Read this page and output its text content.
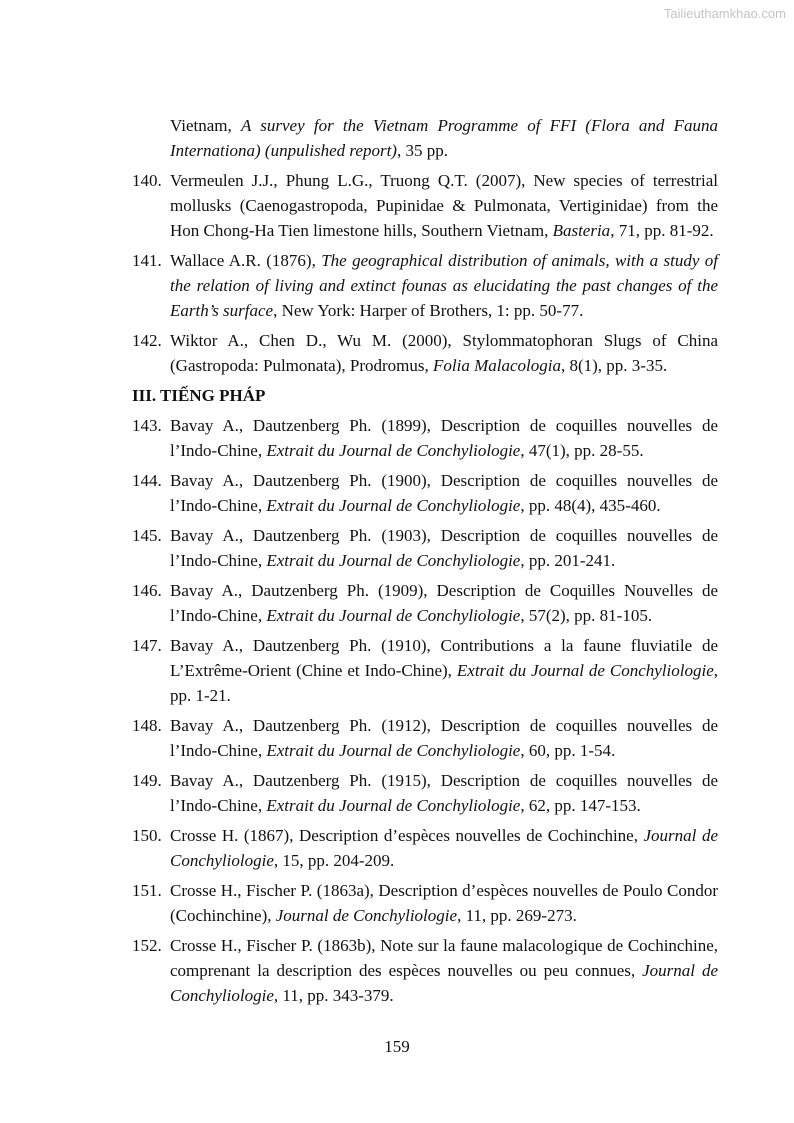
Tailieuthamkhao.com
Vietnam, A survey for the Vietnam Programme of FFI (Flora and Fauna Internationa) (unpulished report), 35 pp.
140. Vermeulen J.J., Phung L.G., Truong Q.T. (2007), New species of terrestrial mollusks (Caenogastropoda, Pupinidae & Pulmonata, Vertiginidae) from the Hon Chong-Ha Tien limestone hills, Southern Vietnam, Basteria, 71, pp. 81-92.
141. Wallace A.R. (1876), The geographical distribution of animals, with a study of the relation of living and extinct founas as elucidating the past changes of the Earth’s surface, New York: Harper of Brothers, 1: pp. 50-77.
142. Wiktor A., Chen D., Wu M. (2000), Stylommatophoran Slugs of China (Gastropoda: Pulmonata), Prodromus, Folia Malacologia, 8(1), pp. 3-35.
III. TIẾNG PHÁP
143. Bavay A., Dautzenberg Ph. (1899), Description de coquilles nouvelles de l’Indo-Chine, Extrait du Journal de Conchyliologie, 47(1), pp. 28-55.
144. Bavay A., Dautzenberg Ph. (1900), Description de coquilles nouvelles de l’Indo-Chine, Extrait du Journal de Conchyliologie, pp. 48(4), 435-460.
145. Bavay A., Dautzenberg Ph. (1903), Description de coquilles nouvelles de l’Indo-Chine, Extrait du Journal de Conchyliologie, pp. 201-241.
146. Bavay A., Dautzenberg Ph. (1909), Description de Coquilles Nouvelles de l’Indo-Chine, Extrait du Journal de Conchyliologie, 57(2), pp. 81-105.
147. Bavay A., Dautzenberg Ph. (1910), Contributions a la faune fluviatile de L’Extrême-Orient (Chine et Indo-Chine), Extrait du Journal de Conchyliologie, pp. 1-21.
148. Bavay A., Dautzenberg Ph. (1912), Description de coquilles nouvelles de l’Indo-Chine, Extrait du Journal de Conchyliologie, 60, pp. 1-54.
149. Bavay A., Dautzenberg Ph. (1915), Description de coquilles nouvelles de l’Indo-Chine, Extrait du Journal de Conchyliologie, 62, pp. 147-153.
150. Crosse H. (1867), Description d’espèces nouvelles de Cochinchine, Journal de Conchyliologie, 15, pp. 204-209.
151. Crosse H., Fischer P. (1863a), Description d’espèces nouvelles de Poulo Condor (Cochinchine), Journal de Conchyliologie, 11, pp. 269-273.
152. Crosse H., Fischer P. (1863b), Note sur la faune malacologique de Cochinchine, comprenant la description des espèces nouvelles ou peu connues, Journal de Conchyliologie, 11, pp. 343-379.
159
